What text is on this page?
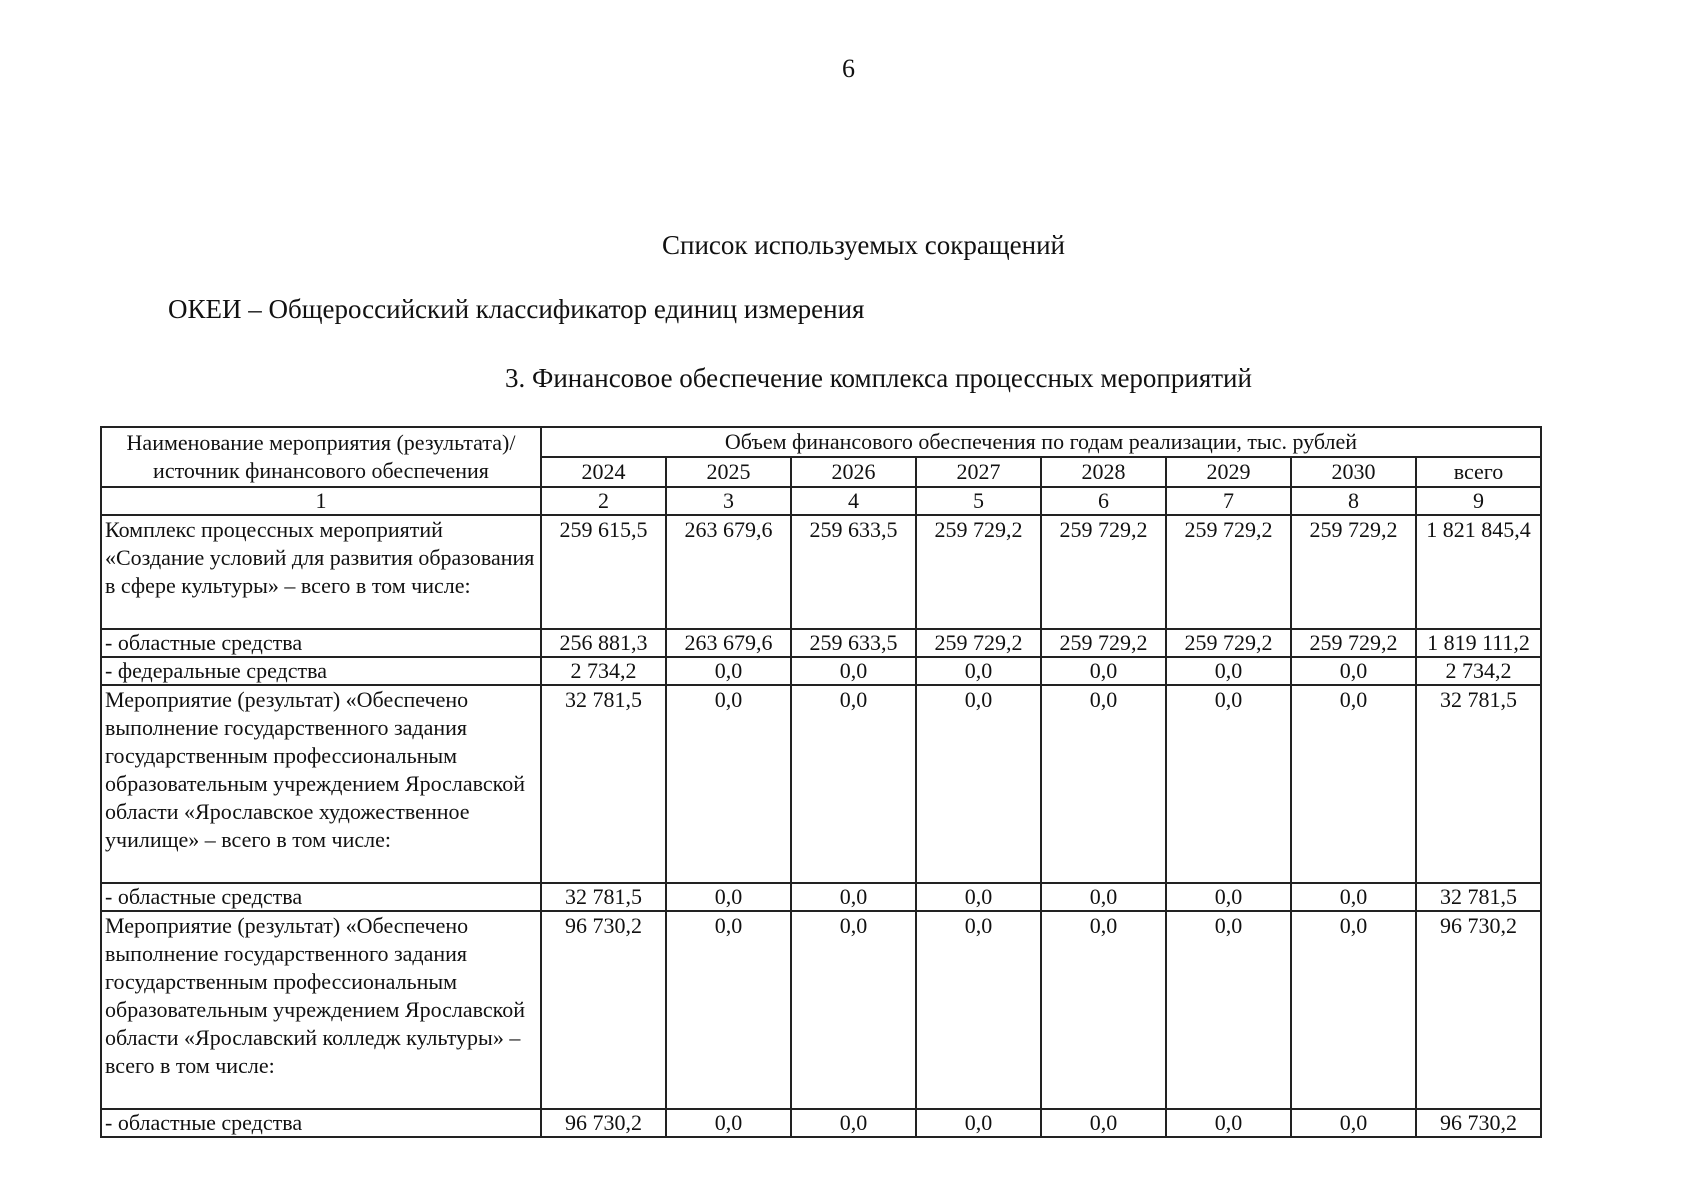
6
Список используемых сокращений
ОКЕИ – Общероссийский классификатор единиц измерения
3. Финансовое обеспечение комплекса процессных мероприятий
Наименование мероприятия (результата)/ источник финансового обеспечения	Объем финансового обеспечения по годам реализации, тыс. рублей							
	2024	2025	2026	2027	2028	2029	2030	всего
1	2	3	4	5	6	7	8	9
Комплекс процессных мероприятий «Создание условий для развития образования в сфере культуры» – всего в том числе:	259 615,5	263 679,6	259 633,5	259 729,2	259 729,2	259 729,2	259 729,2	1 821 845,4
- областные средства	256 881,3	263 679,6	259 633,5	259 729,2	259 729,2	259 729,2	259 729,2	1 819 111,2
- федеральные средства	2 734,2	0,0	0,0	0,0	0,0	0,0	0,0	2 734,2
Мероприятие (результат) «Обеспечено выполнение государственного задания государственным профессиональным образовательным учреждением Ярославской области «Ярославское художественное училище» – всего в том числе:	32 781,5	0,0	0,0	0,0	0,0	0,0	0,0	32 781,5
- областные средства	32 781,5	0,0	0,0	0,0	0,0	0,0	0,0	32 781,5
Мероприятие (результат) «Обеспечено выполнение государственного задания государственным профессиональным образовательным учреждением Ярославской области «Ярославский колледж культуры» – всего в том числе:	96 730,2	0,0	0,0	0,0	0,0	0,0	0,0	96 730,2
- областные средства	96 730,2	0,0	0,0	0,0	0,0	0,0	0,0	96 730,2
